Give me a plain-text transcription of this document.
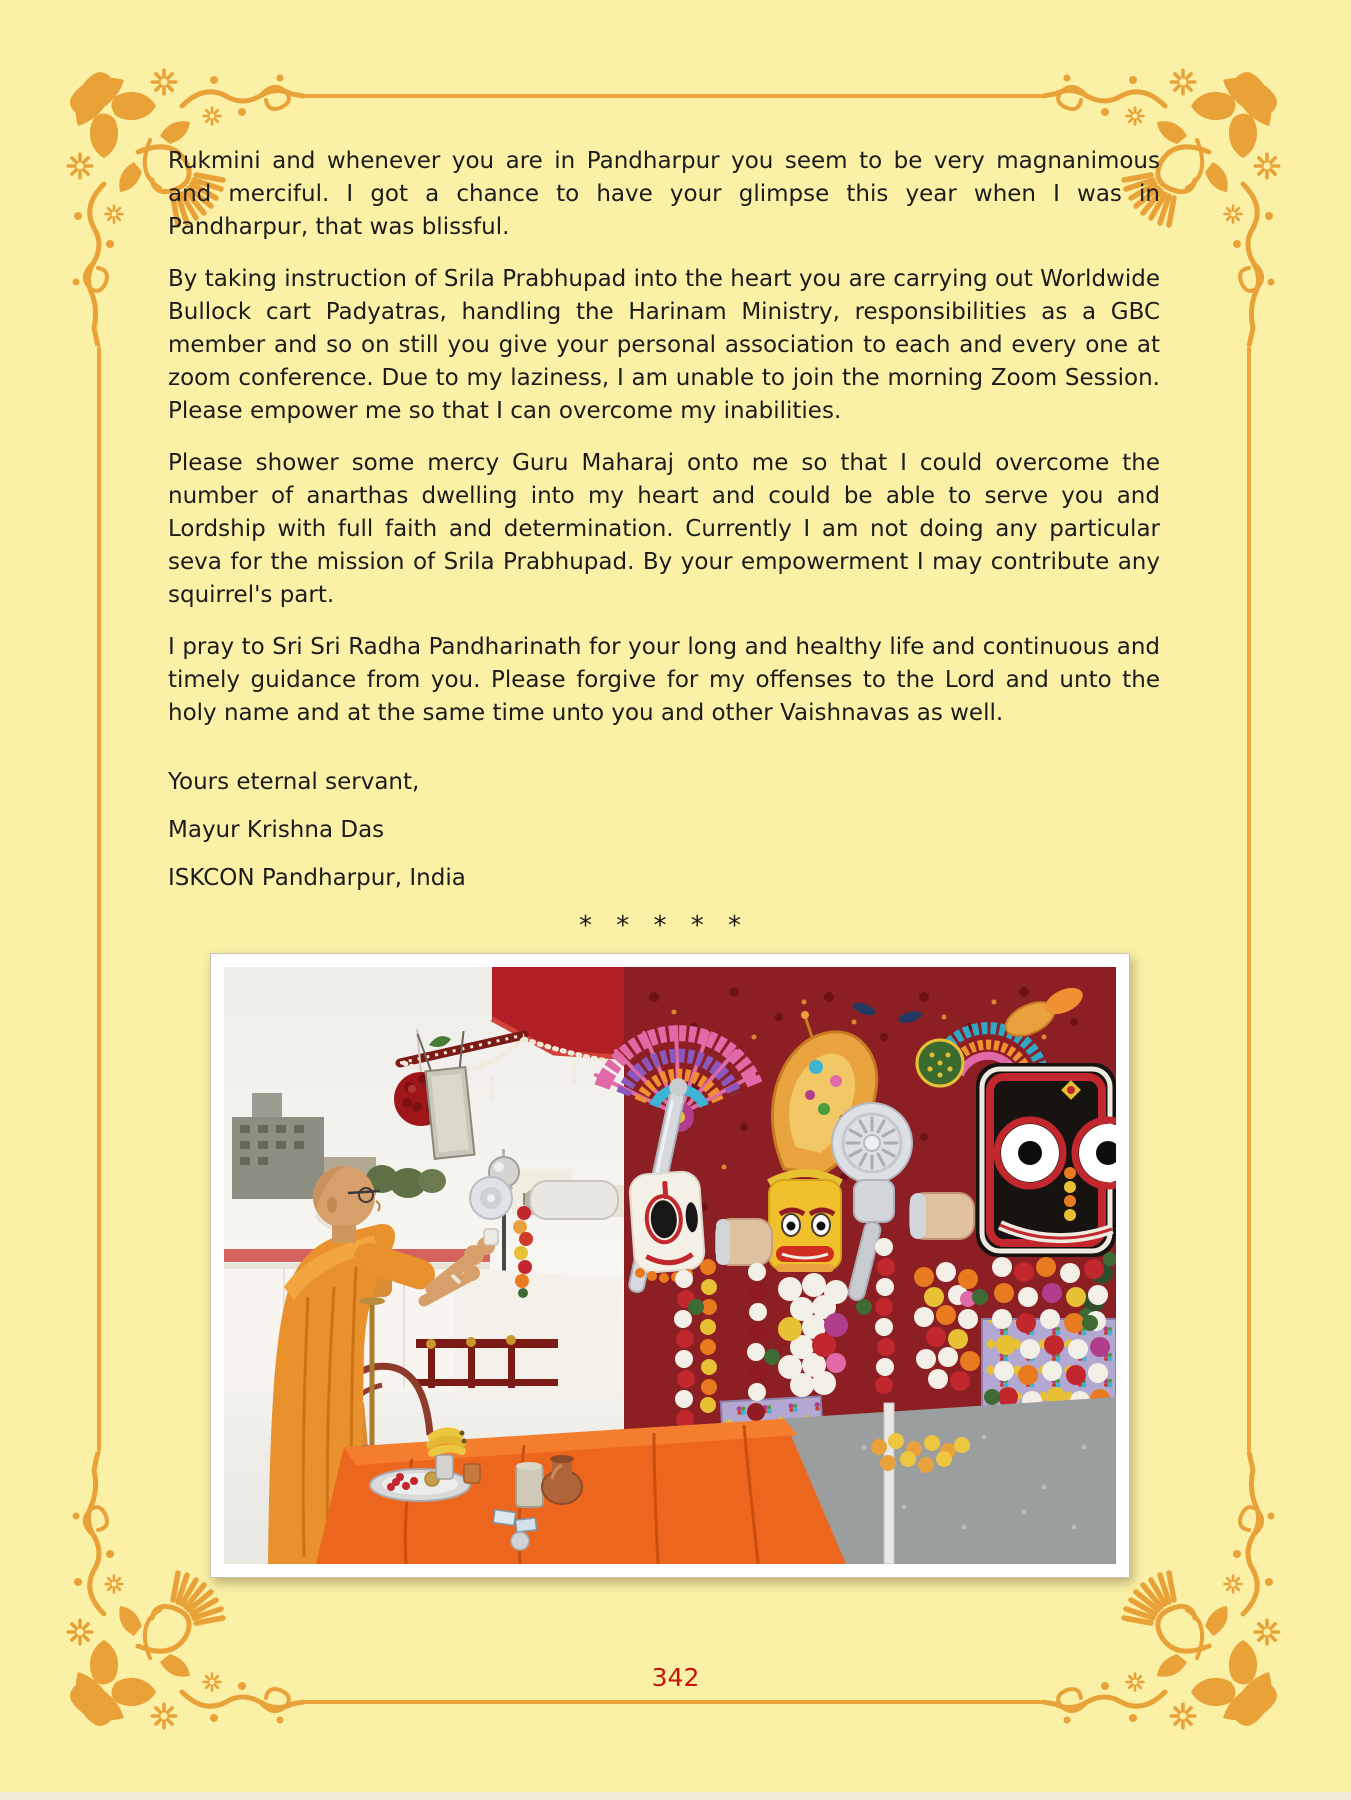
Rukmini and whenever you are in Pandharpur you seem to be very magnanimous and merciful. I got a chance to have your glimpse this year when I was in Pandharpur, that was blissful.

By taking instruction of Srila Prabhupad into the heart you are carrying out Worldwide Bullock cart Padyatras, handling the Harinam Ministry, responsibilities as a GBC member and so on still you give your personal association to each and every one at zoom conference. Due to my laziness, I am unable to join the morning Zoom Session. Please empower me so that I can overcome my inabilities.

Please shower some mercy Guru Maharaj onto me so that I could overcome the number of anarthas dwelling into my heart and could be able to serve you and Lordship with full faith and determination. Currently I am not doing any particular seva for the mission of Srila Prabhupad. By your empowerment I may contribute any squirrel's part.

I pray to Sri Sri Radha Pandharinath for your long and healthy life and continuous and timely guidance from you. Please forgive for my offenses to the Lord and unto the holy name and at the same time unto you and other Vaishnavas as well.

Yours eternal servant,

Mayur Krishna Das

ISKCON Pandharpur, India

* * * * *
342
